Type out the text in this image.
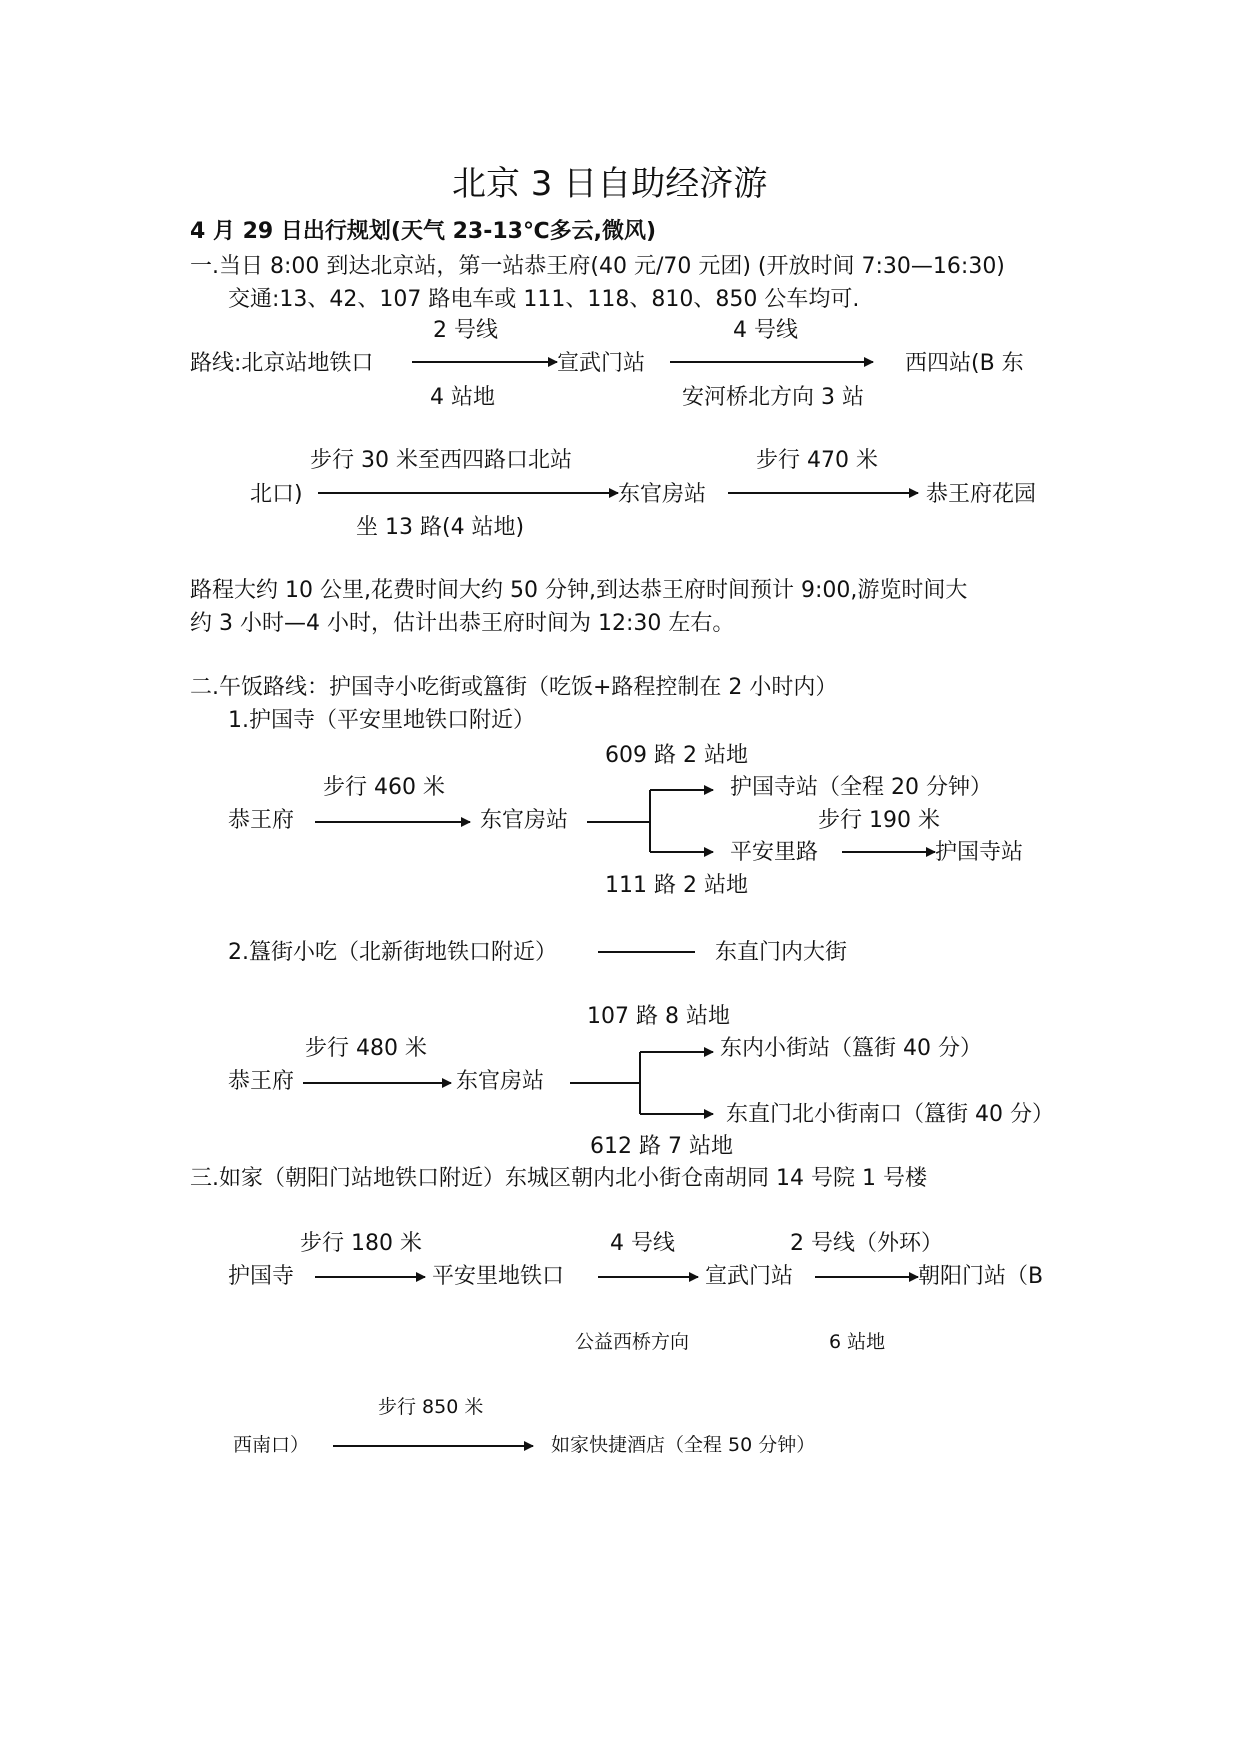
北京 3 日自助经济游
4 月 29 日出行规划(天气 23-13℃多云,微风)
一.当日 8:00 到达北京站，第一站恭王府(40 元/70 元团) (开放时间 7:30—16:30)
交通:13、42、107 路电车或 111、118、810、850 公车均可.
2 号线	4 号线
路线:北京站地铁口	宣武门站	西四站(B 东
4 站地	安河桥北方向 3 站
步行 30 米至西四路口北站	步行 470 米
北口)	东官房站	恭王府花园
坐 13 路(4 站地)
路程大约 10 公里,花费时间大约 50 分钟,到达恭王府时间预计 9:00,游览时间大
约 3 小时—4 小时，估计出恭王府时间为 12:30 左右。
二.午饭路线：护国寺小吃街或簋街（吃饭+路程控制在 2 小时内）
1.护国寺（平安里地铁口附近）
609 路 2 站地
步行 460 米	护国寺站（全程 20 分钟）
恭王府	东官房站	步行 190 米
平安里路	护国寺站
111 路 2 站地
2.簋街小吃（北新街地铁口附近）	东直门内大街
107 路 8 站地
步行 480 米	东内小街站（簋街 40 分）
恭王府	东官房站
东直门北小街南口（簋街 40 分）
612 路 7 站地
三.如家（朝阳门站地铁口附近）东城区朝内北小街仓南胡同 14 号院 1 号楼
步行 180 米	4 号线	2 号线（外环）
护国寺	平安里地铁口	宣武门站	朝阳门站（B
公益西桥方向	6 站地
步行 850 米
西南口）	如家快捷酒店（全程 50 分钟）
